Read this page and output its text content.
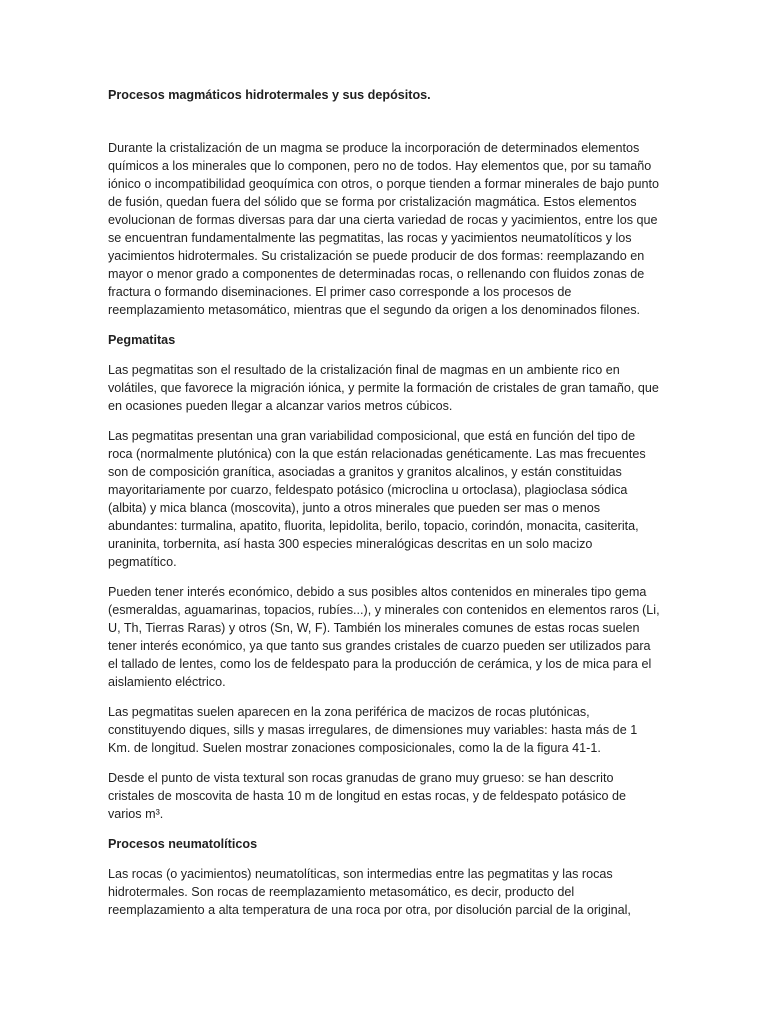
Procesos magmáticos hidrotermales y sus depósitos.

Durante la cristalización de un magma se produce la incorporación de determinados elementos químicos a los minerales que lo componen, pero no de todos. Hay elementos que, por su tamaño iónico o incompatibilidad geoquímica con otros, o porque tienden a formar minerales de bajo punto de fusión, quedan fuera del sólido que se forma por cristalización magmática. Estos elementos evolucionan de formas diversas para dar una cierta variedad de rocas y yacimientos, entre los que se encuentran fundamentalmente las pegmatitas, las rocas y yacimientos neumatolíticos y los yacimientos hidrotermales. Su cristalización se puede producir de dos formas: reemplazando en mayor o menor grado a componentes de determinadas rocas, o rellenando con fluidos zonas de fractura o formando diseminaciones. El primer caso corresponde a los procesos de reemplazamiento metasomático, mientras que el segundo da origen a los denominados filones.

Pegmatitas

Las pegmatitas son el resultado de la cristalización final de magmas en un ambiente rico en volátiles, que favorece la migración iónica, y permite la formación de cristales de gran tamaño, que en ocasiones pueden llegar a alcanzar varios metros cúbicos.

Las pegmatitas presentan una gran variabilidad composicional, que está en función del tipo de roca (normalmente plutónica) con la que están relacionadas genéticamente. Las mas frecuentes son de composición granítica, asociadas a granitos y granitos alcalinos, y están constituidas mayoritariamente por cuarzo, feldespato potásico (microclina u ortoclasa), plagioclasa sódica (albita) y mica blanca (moscovita), junto a otros minerales que pueden ser mas o menos abundantes: turmalina, apatito, fluorita, lepidolita, berilo, topacio, corindón, monacita, casiterita, uraninita, torbernita, así hasta 300 especies mineralógicas descritas en un solo macizo pegmatítico.

Pueden tener interés económico, debido a sus posibles altos contenidos en minerales tipo gema (esmeraldas, aguamarinas, topacios, rubíes...), y minerales con contenidos en elementos raros (Li, U, Th, Tierras Raras) y otros (Sn, W, F). También los minerales comunes de estas rocas suelen tener interés económico, ya que tanto sus grandes cristales de cuarzo pueden ser utilizados para el tallado de lentes, como los de feldespato para la producción de cerámica, y los de mica para el aislamiento eléctrico.

Las pegmatitas suelen aparecen en la zona periférica de macizos de rocas plutónicas, constituyendo diques, sills y masas irregulares, de dimensiones muy variables: hasta más de 1 Km. de longitud. Suelen mostrar zonaciones composicionales, como la de la figura 41-1.

Desde el punto de vista textural son rocas granudas de grano muy grueso: se han descrito cristales de moscovita de hasta 10 m de longitud en estas rocas, y de feldespato potásico de varios m³.

Procesos neumatolíticos

Las rocas (o yacimientos) neumatolíticas, son intermedias entre las pegmatitas y las rocas hidrotermales. Son rocas de reemplazamiento metasomático, es decir, producto del reemplazamiento a alta temperatura de una roca por otra, por disolución parcial de la original,
